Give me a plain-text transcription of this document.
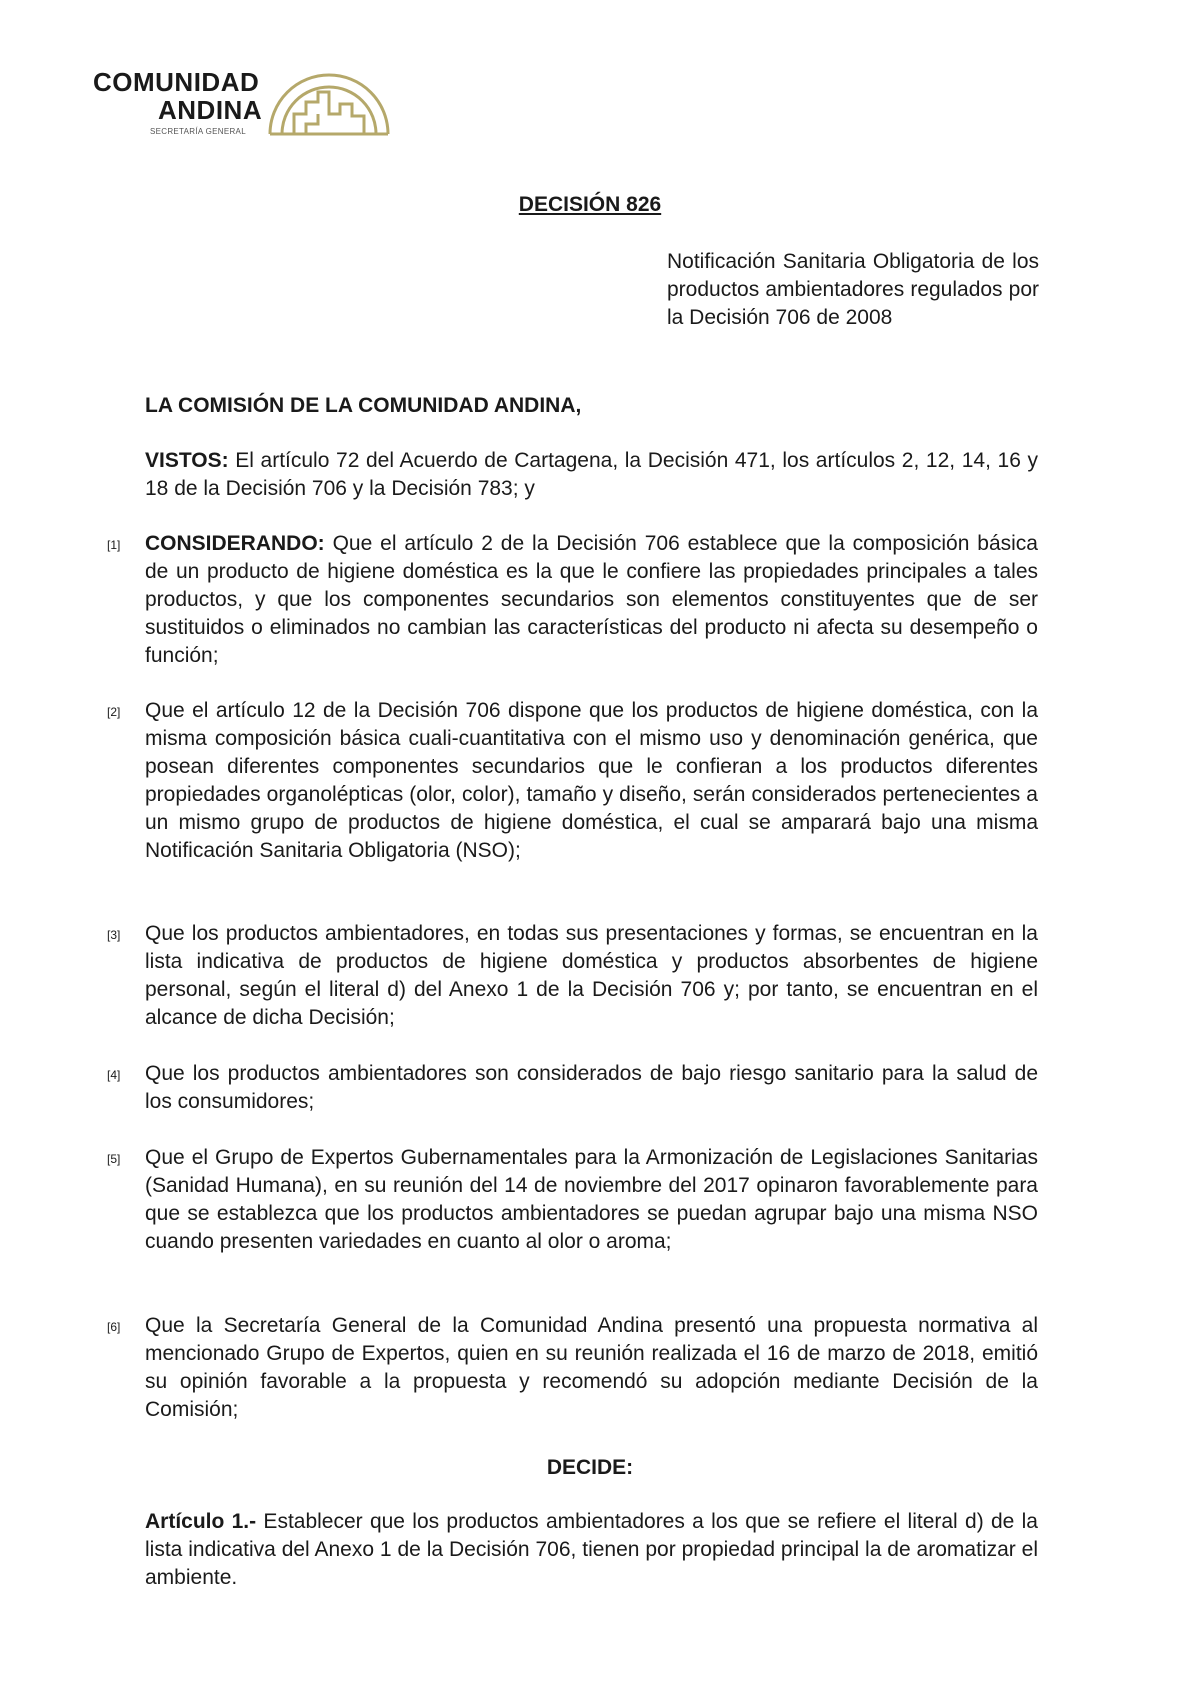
COMUNIDAD
ANDINA
SECRETARÍA GENERAL
DECISIÓN 826
Notificación Sanitaria Obligatoria de los productos ambientadores regulados por la Decisión 706 de 2008
LA COMISIÓN DE LA COMUNIDAD ANDINA,
VISTOS: El artículo 72 del Acuerdo de Cartagena, la Decisión 471, los artículos 2, 12, 14, 16 y 18 de la Decisión 706 y la Decisión 783; y
[1] CONSIDERANDO: Que el artículo 2 de la Decisión 706 establece que la composición básica de un producto de higiene doméstica es la que le confiere las propiedades principales a tales productos, y que los componentes secundarios son elementos constituyentes que de ser sustituidos o eliminados no cambian las características del producto ni afecta su desempeño o función;
[2] Que el artículo 12 de la Decisión 706 dispone que los productos de higiene doméstica, con la misma composición básica cuali-cuantitativa con el mismo uso y denominación genérica, que posean diferentes componentes secundarios que le confieran a los productos diferentes propiedades organolépticas (olor, color), tamaño y diseño, serán considerados pertenecientes a un mismo grupo de productos de higiene doméstica, el cual se amparará bajo una misma Notificación Sanitaria Obligatoria (NSO);
[3] Que los productos ambientadores, en todas sus presentaciones y formas, se encuentran en la lista indicativa de productos de higiene doméstica y productos absorbentes de higiene personal, según el literal d) del Anexo 1 de la Decisión 706 y; por tanto, se encuentran en el alcance de dicha Decisión;
[4] Que los productos ambientadores son considerados de bajo riesgo sanitario para la salud de los consumidores;
[5] Que el Grupo de Expertos Gubernamentales para la Armonización de Legislaciones Sanitarias (Sanidad Humana), en su reunión del 14 de noviembre del 2017 opinaron favorablemente para que se establezca que los productos ambientadores se puedan agrupar bajo una misma NSO cuando presenten variedades en cuanto al olor o aroma;
[6] Que la Secretaría General de la Comunidad Andina presentó una propuesta normativa al mencionado Grupo de Expertos, quien en su reunión realizada el 16 de marzo de 2018, emitió su opinión favorable a la propuesta y recomendó su adopción mediante Decisión de la Comisión;
DECIDE:
Artículo 1.- Establecer que los productos ambientadores a los que se refiere el literal d) de la lista indicativa del Anexo 1 de la Decisión 706, tienen por propiedad principal la de aromatizar el ambiente.
